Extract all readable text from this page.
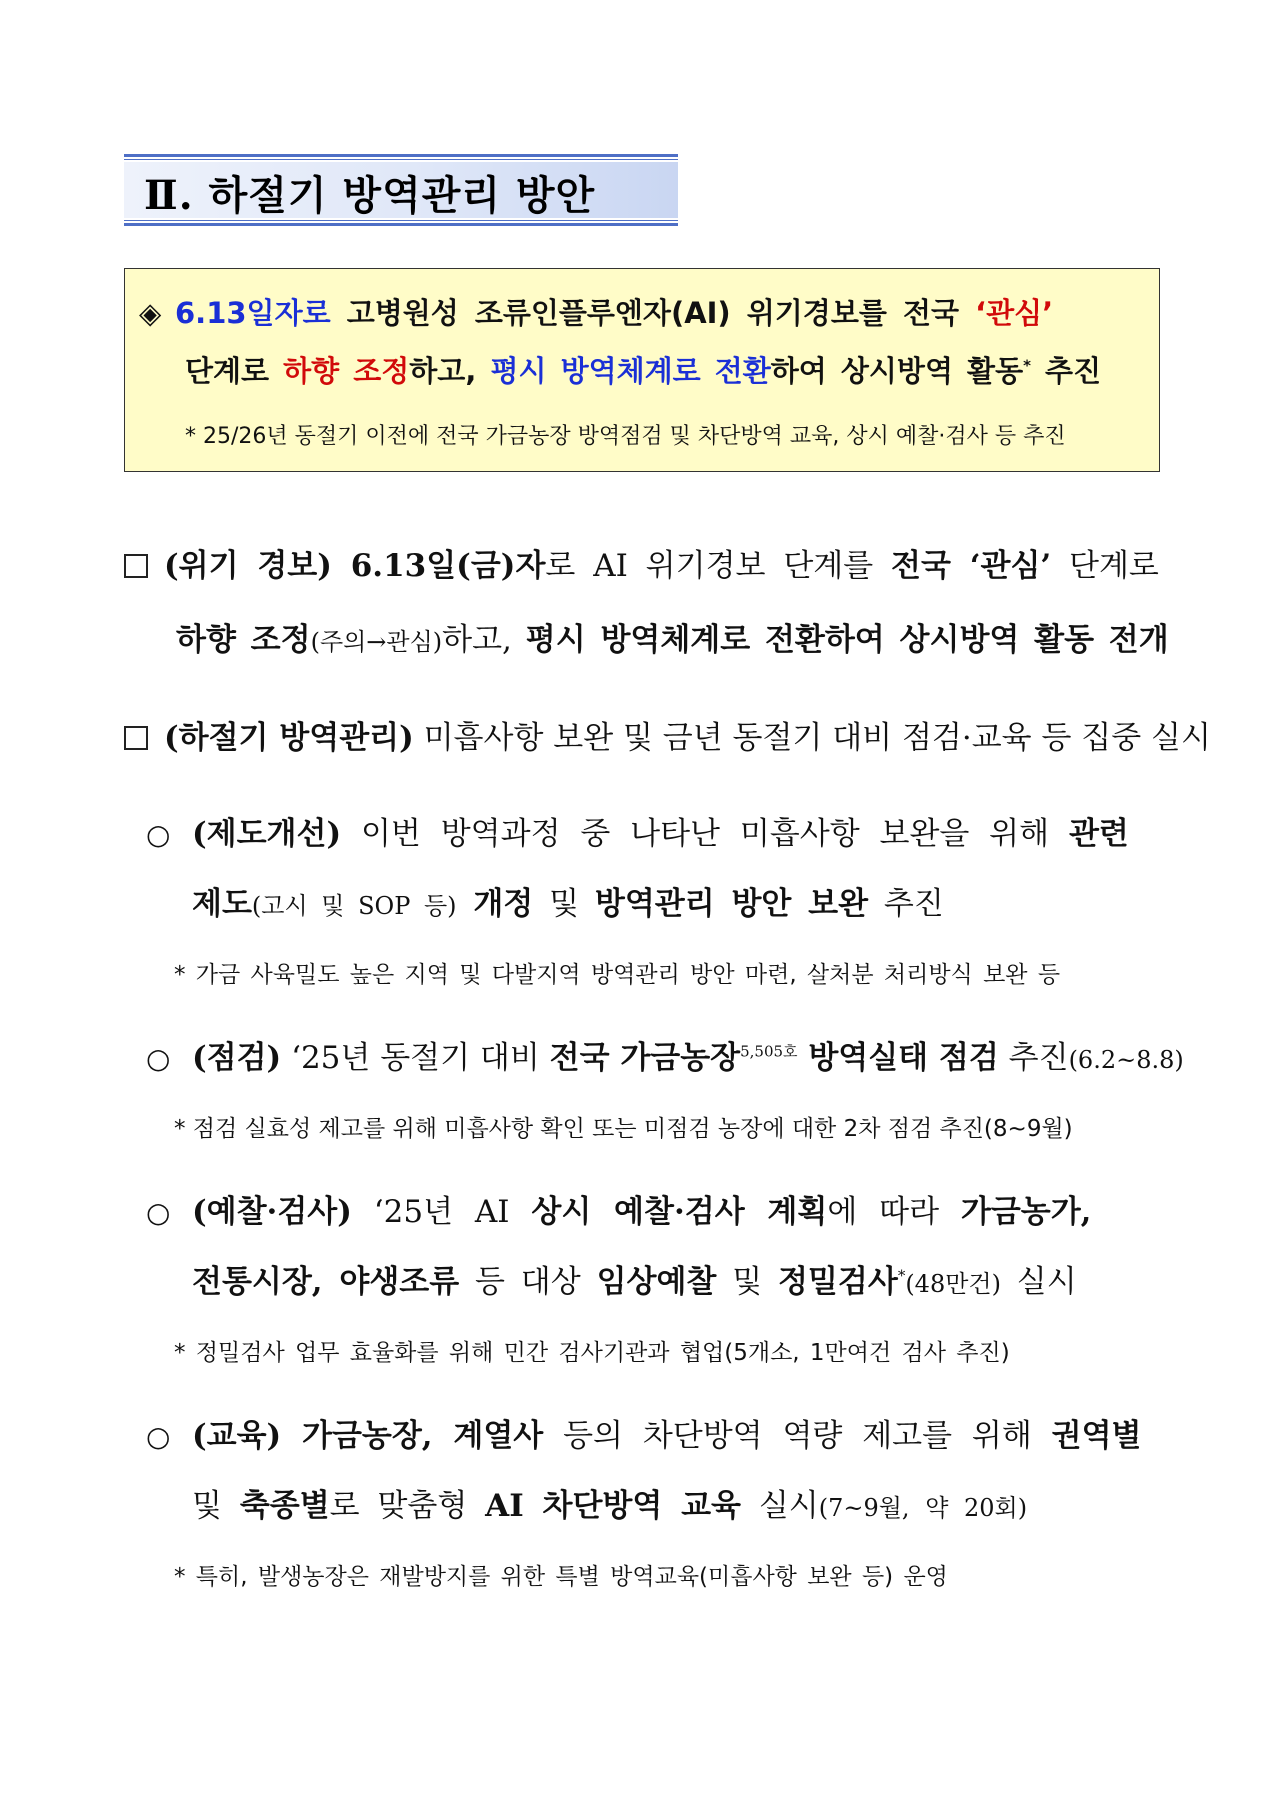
Ⅱ. 하절기 방역관리 방안
◈ 6.13일자로 고병원성 조류인플루엔자(AI) 위기경보를 전국 ‘관심’
단계로 하향 조정하고, 평시 방역체계로 전환하여 상시방역 활동* 추진
* 25/26년 동절기 이전에 전국 가금농장 방역점검 및 차단방역 교육, 상시 예찰·검사 등 추진
(위기 경보) 6.13일(금)자로 AI 위기경보 단계를 전국 ‘관심’ 단계로
하향 조정(주의→관심)하고, 평시 방역체계로 전환하여 상시방역 활동 전개
(하절기 방역관리) 미흡사항 보완 및 금년 동절기 대비 점검·교육 등 집중 실시
○ (제도개선) 이번 방역과정 중 나타난 미흡사항 보완을 위해 관련
제도(고시 및 SOP 등) 개정 및 방역관리 방안 보완 추진
* 가금 사육밀도 높은 지역 및 다발지역 방역관리 방안 마련, 살처분 처리방식 보완 등
○ (점검) ‘25년 동절기 대비 전국 가금농장$^{5,505호}$ 방역실태 점검 추진(6.2~8.8)
* 점검 실효성 제고를 위해 미흡사항 확인 또는 미점검 농장에 대한 2차 점검 추진(8~9월)
○ (예찰·검사) ‘25년 AI 상시 예찰·검사 계획에 따라 가금농가,
전통시장, 야생조류 등 대상 임상예찰 및 정밀검사*(48만건) 실시
* 정밀검사 업무 효율화를 위해 민간 검사기관과 협업(5개소, 1만여건 검사 추진)
○ (교육) 가금농장, 계열사 등의 차단방역 역량 제고를 위해 권역별
및 축종별로 맞춤형 AI 차단방역 교육 실시(7~9월, 약 20회)
* 특히, 발생농장은 재발방지를 위한 특별 방역교육(미흡사항 보완 등) 운영
